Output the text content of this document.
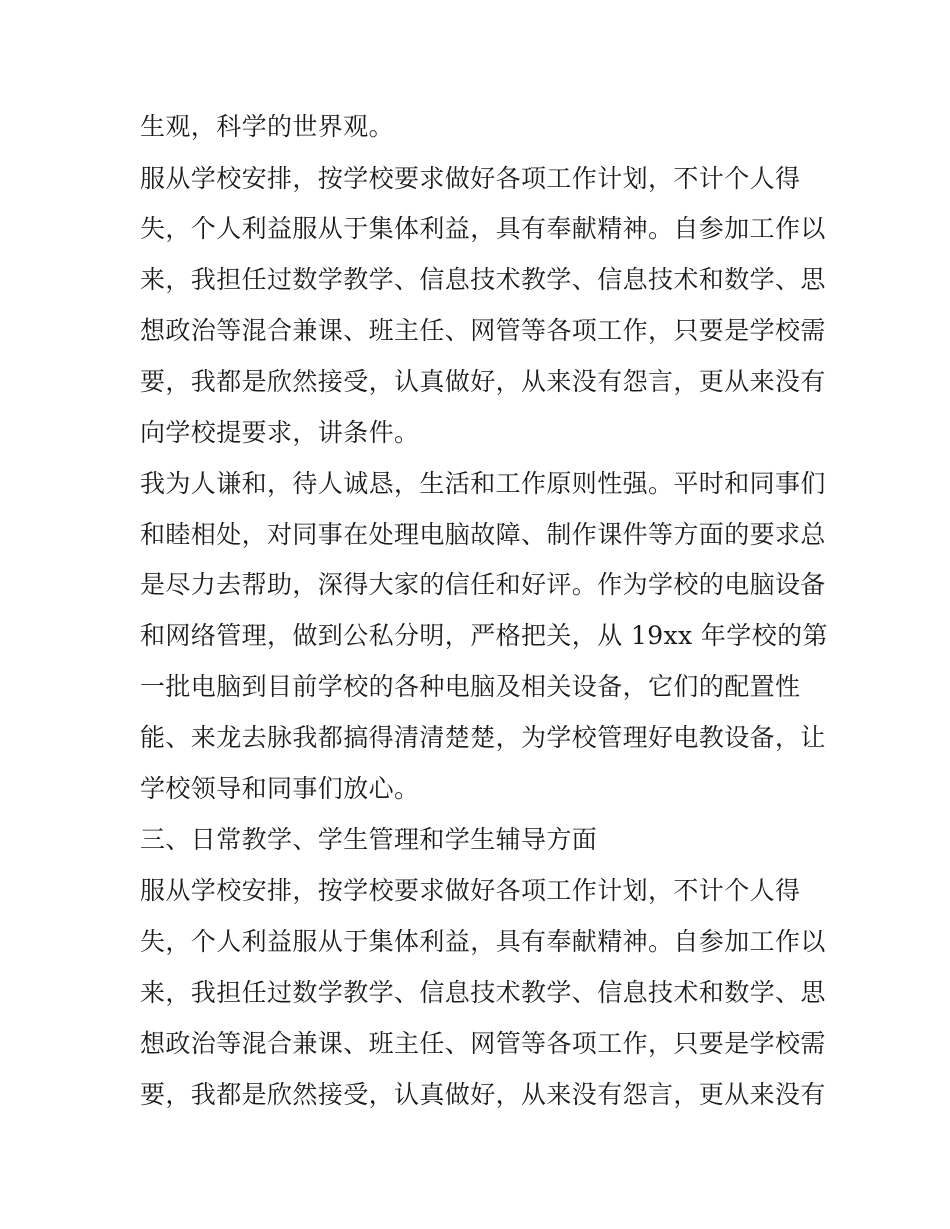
生观，科学的世界观。
服从学校安排，按学校要求做好各项工作计划，不计个人得
失，个人利益服从于集体利益，具有奉献精神。自参加工作以
来，我担任过数学教学、信息技术教学、信息技术和数学、思
想政治等混合兼课、班主任、网管等各项工作，只要是学校需
要，我都是欣然接受，认真做好，从来没有怨言，更从来没有
向学校提要求，讲条件。
我为人谦和，待人诚恳，生活和工作原则性强。平时和同事们
和睦相处，对同事在处理电脑故障、制作课件等方面的要求总
是尽力去帮助，深得大家的信任和好评。作为学校的电脑设备
和网络管理，做到公私分明，严格把关，从 19xx 年学校的第
一批电脑到目前学校的各种电脑及相关设备，它们的配置性
能、来龙去脉我都搞得清清楚楚，为学校管理好电教设备，让
学校领导和同事们放心。
三、日常教学、学生管理和学生辅导方面
服从学校安排，按学校要求做好各项工作计划，不计个人得
失，个人利益服从于集体利益，具有奉献精神。自参加工作以
来，我担任过数学教学、信息技术教学、信息技术和数学、思
想政治等混合兼课、班主任、网管等各项工作，只要是学校需
要，我都是欣然接受，认真做好，从来没有怨言，更从来没有
